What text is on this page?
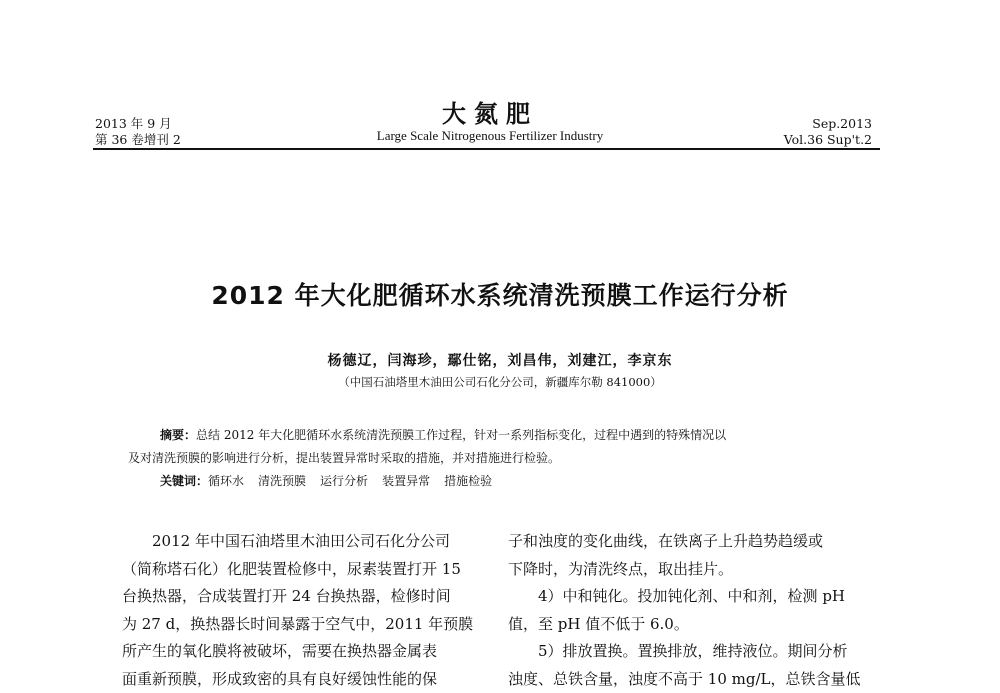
2013 年 9 月
第 36 卷增刊 2
大氮肥
Large Scale Nitrogenous Fertilizer Industry
Sep.2013
Vol.36 Sup't.2
2012 年大化肥循环水系统清洗预膜工作运行分析
杨德辽，闫海珍，鄢仕铭，刘昌伟，刘建江，李京东
（中国石油塔里木油田公司石化分公司，新疆库尔勒 841000）

摘要：总结 2012 年大化肥循环水系统清洗预膜工作过程，针对一系列指标变化，过程中遇到的特殊情况以

及对清洗预膜的影响进行分析，提出装置异常时采取的措施，并对措施进行检验。

关键词：循环水 清洗预膜 运行分析 装置异常 措施检验

2012 年中国石油塔里木油田公司石化分公司

（简称塔石化）化肥装置检修中，尿素装置打开 15

台换热器，合成装置打开 24 台换热器，检修时间

为 27 d，换热器长时间暴露于空气中，2011 年预膜

所产生的氧化膜将被破坏，需要在换热器金属表

面重新预膜，形成致密的具有良好缓蚀性能的保

子和浊度的变化曲线，在铁离子上升趋势趋缓或

下降时，为清洗终点，取出挂片。

4）中和钝化。投加钝化剂、中和剂，检测 pH

值，至 pH 值不低于 6.0。

5）排放置换。置换排放，维持液位。期间分析

浊度、总铁含量，浊度不高于 10 mg/L，总铁含量低
